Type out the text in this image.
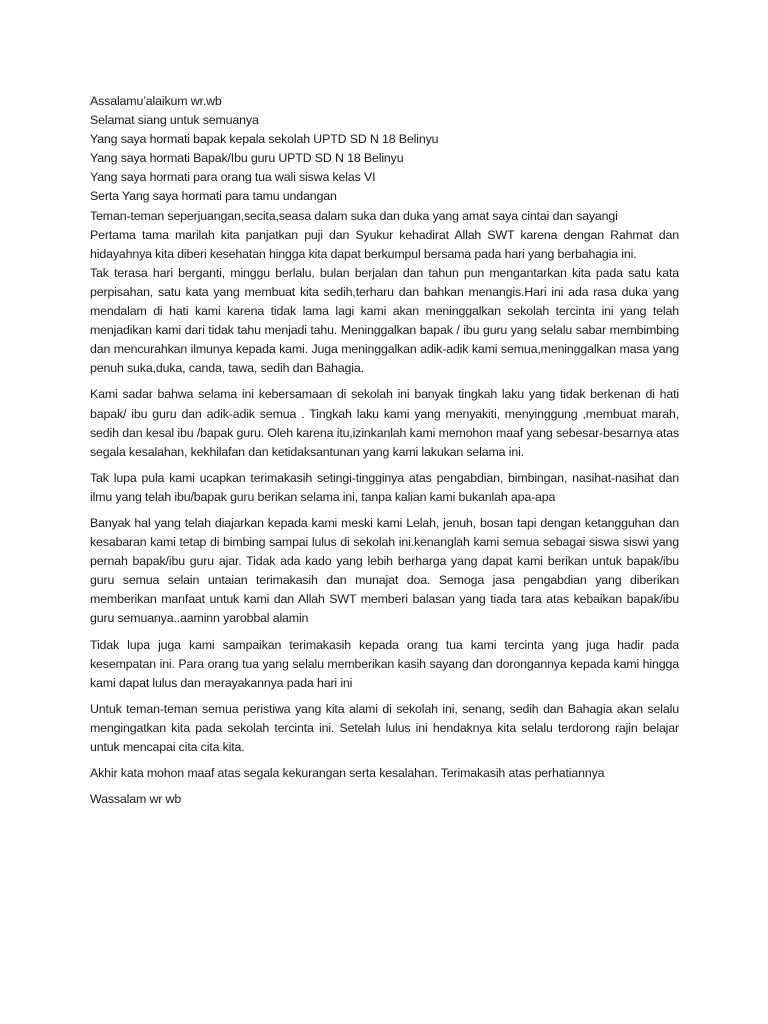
Assalamu’alaikum wr.wb

Selamat siang untuk semuanya

Yang saya hormati bapak kepala sekolah UPTD SD N 18 Belinyu

Yang saya hormati Bapak/Ibu guru UPTD SD N 18 Belinyu

Yang saya hormati para orang tua wali siswa kelas VI

Serta Yang saya hormati para tamu undangan

Teman-teman seperjuangan,secita,seasa dalam suka dan duka yang amat saya cintai dan sayangi

Pertama tama marilah kita panjatkan puji dan Syukur kehadirat Allah SWT karena dengan Rahmat dan hidayahnya kita diberi kesehatan hingga kita dapat berkumpul bersama pada hari yang berbahagia ini.

Tak terasa hari berganti, minggu berlalu, bulan berjalan dan tahun pun mengantarkan kita pada satu kata perpisahan, satu kata yang membuat kita sedih,terharu dan bahkan menangis.Hari ini ada rasa duka yang mendalam di hati kami karena tidak lama lagi kami akan meninggalkan sekolah tercinta ini yang telah menjadikan kami dari tidak tahu menjadi tahu. Meninggalkan bapak / ibu guru yang selalu sabar membimbing dan mencurahkan ilmunya kepada kami. Juga meninggalkan adik-adik kami semua,meninggalkan masa yang penuh suka,duka, canda, tawa, sedih dan Bahagia.

Kami sadar bahwa selama ini kebersamaan di sekolah ini banyak tingkah laku yang tidak berkenan di hati bapak/ ibu guru dan adik-adik semua . Tingkah laku kami yang menyakiti, menyinggung ,membuat marah, sedih dan kesal ibu /bapak guru. Oleh karena itu,izinkanlah kami memohon maaf yang sebesar-besarnya atas segala kesalahan, kekhilafan dan ketidaksantunan yang kami lakukan selama ini.

Tak lupa pula kami ucapkan terimakasih setingi-tingginya atas pengabdian, bimbingan, nasihat-nasihat dan ilmu yang telah ibu/bapak guru berikan selama ini, tanpa kalian kami bukanlah apa-apa

Banyak hal yang telah diajarkan kepada kami meski kami Lelah, jenuh, bosan tapi dengan ketangguhan dan kesabaran kami tetap di bimbing sampai lulus di sekolah ini.kenanglah kami semua sebagai siswa siswi yang pernah bapak/ibu guru ajar. Tidak ada kado yang lebih berharga yang dapat kami berikan untuk bapak/ibu guru semua selain untaian terimakasih dan munajat doa. Semoga jasa pengabdian yang diberikan memberikan manfaat untuk kami dan Allah SWT memberi balasan yang tiada tara atas kebaikan bapak/ibu guru semuanya..aaminn yarobbal alamin

Tidak lupa juga kami sampaikan terimakasih kepada orang tua kami tercinta yang juga hadir pada kesempatan ini. Para orang tua yang selalu memberikan kasih sayang dan dorongannya kepada kami hingga kami dapat lulus dan merayakannya pada hari ini

Untuk teman-teman semua peristiwa yang kita alami di sekolah ini, senang, sedih dan Bahagia akan selalu mengingatkan kita pada sekolah tercinta ini. Setelah lulus ini hendaknya kita selalu terdorong rajin belajar untuk mencapai cita cita kita.

Akhir kata mohon maaf atas segala kekurangan serta kesalahan. Terimakasih atas perhatiannya

Wassalam wr wb
